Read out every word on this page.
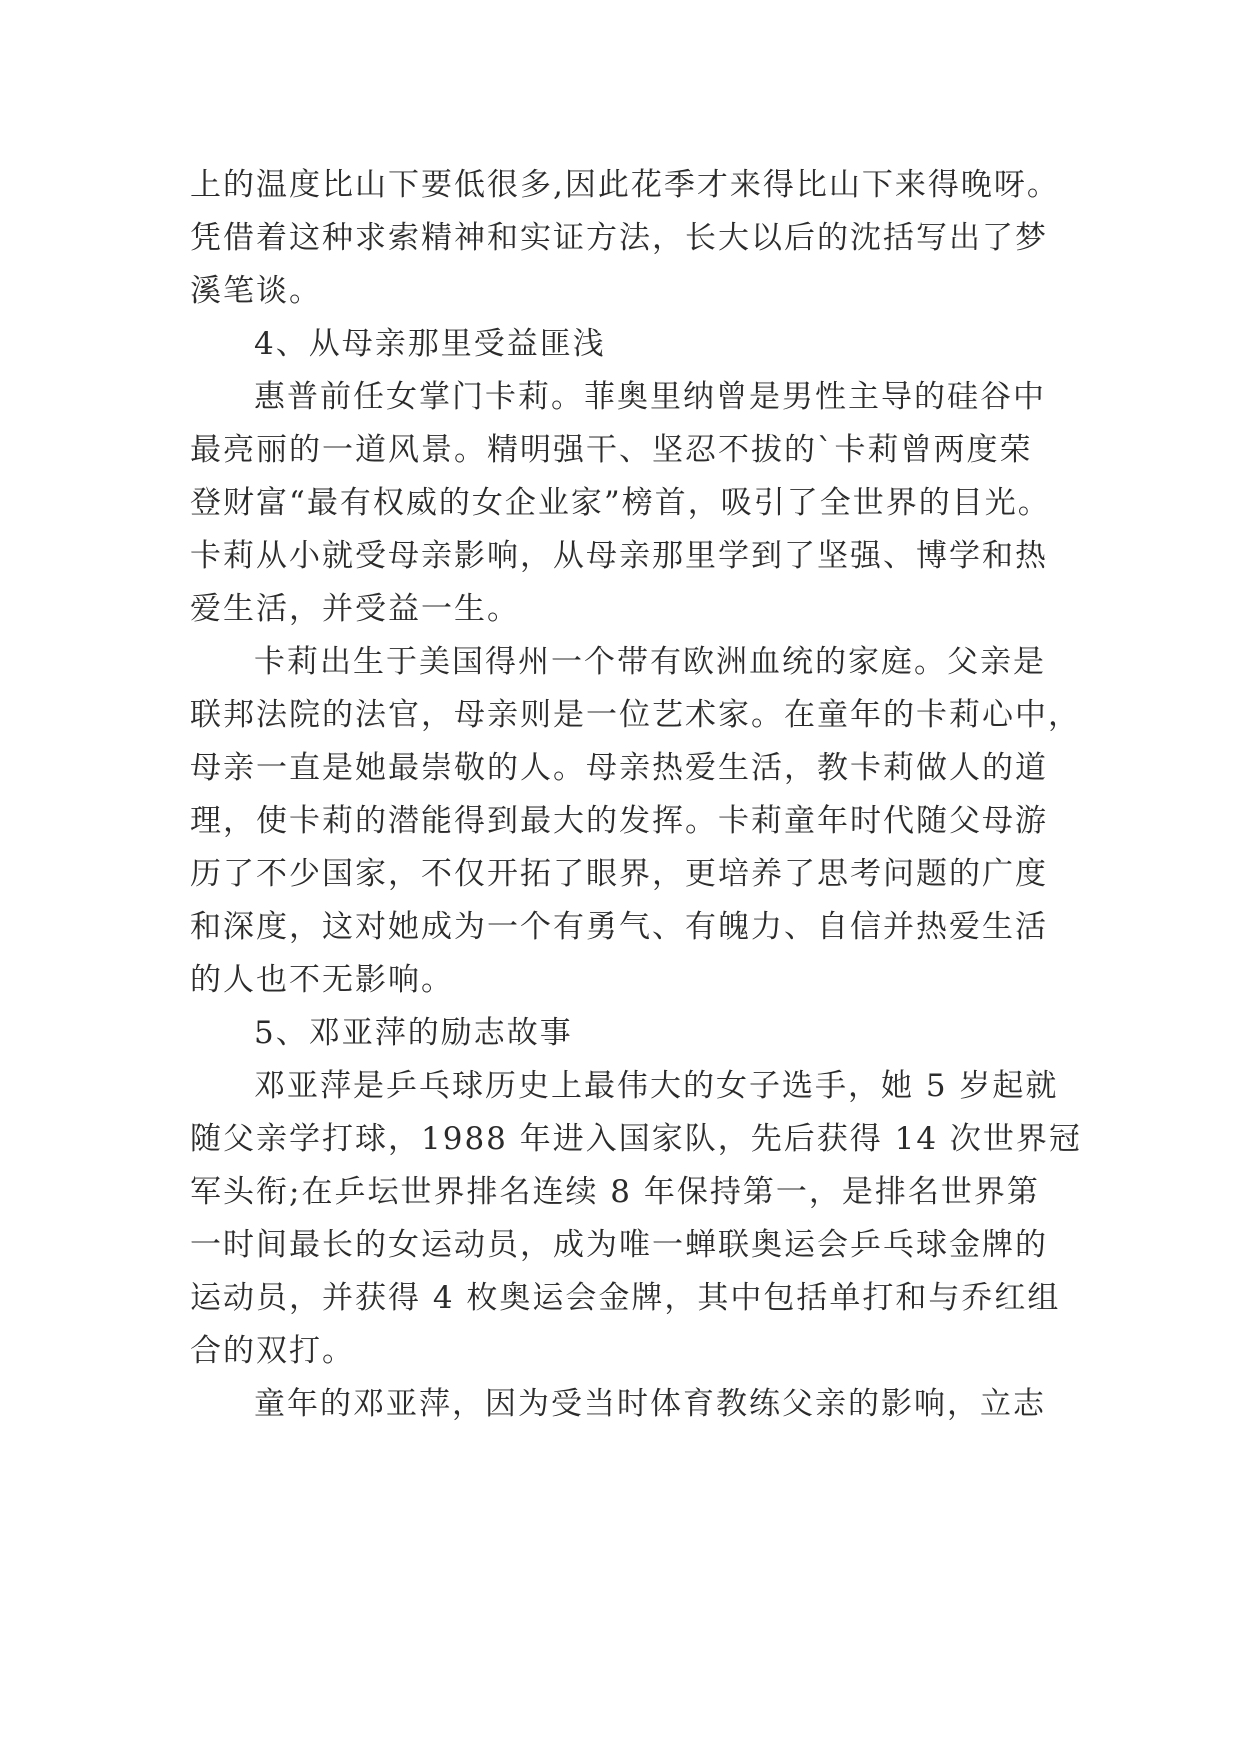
上的温度比山下要低很多,因此花季才来得比山下来得晚呀。
凭借着这种求索精神和实证方法，长大以后的沈括写出了梦
溪笔谈。
4、从母亲那里受益匪浅
惠普前任女掌门卡莉。菲奥里纳曾是男性主导的硅谷中
最亮丽的一道风景。精明强干、坚忍不拔的`卡莉曾两度荣
登财富“最有权威的女企业家”榜首，吸引了全世界的目光。
卡莉从小就受母亲影响，从母亲那里学到了坚强、博学和热
爱生活，并受益一生。
卡莉出生于美国得州一个带有欧洲血统的家庭。父亲是
联邦法院的法官，母亲则是一位艺术家。在童年的卡莉心中，
母亲一直是她最崇敬的人。母亲热爱生活，教卡莉做人的道
理，使卡莉的潜能得到最大的发挥。卡莉童年时代随父母游
历了不少国家，不仅开拓了眼界，更培养了思考问题的广度
和深度，这对她成为一个有勇气、有魄力、自信并热爱生活
的人也不无影响。
5、邓亚萍的励志故事
邓亚萍是乒乓球历史上最伟大的女子选手，她 5 岁起就
随父亲学打球，1988 年进入国家队，先后获得 14 次世界冠
军头衔;在乒坛世界排名连续 8 年保持第一，是排名世界第
一时间最长的女运动员，成为唯一蝉联奥运会乒乓球金牌的
运动员，并获得 4 枚奥运会金牌，其中包括单打和与乔红组
合的双打。
童年的邓亚萍，因为受当时体育教练父亲的影响，立志
